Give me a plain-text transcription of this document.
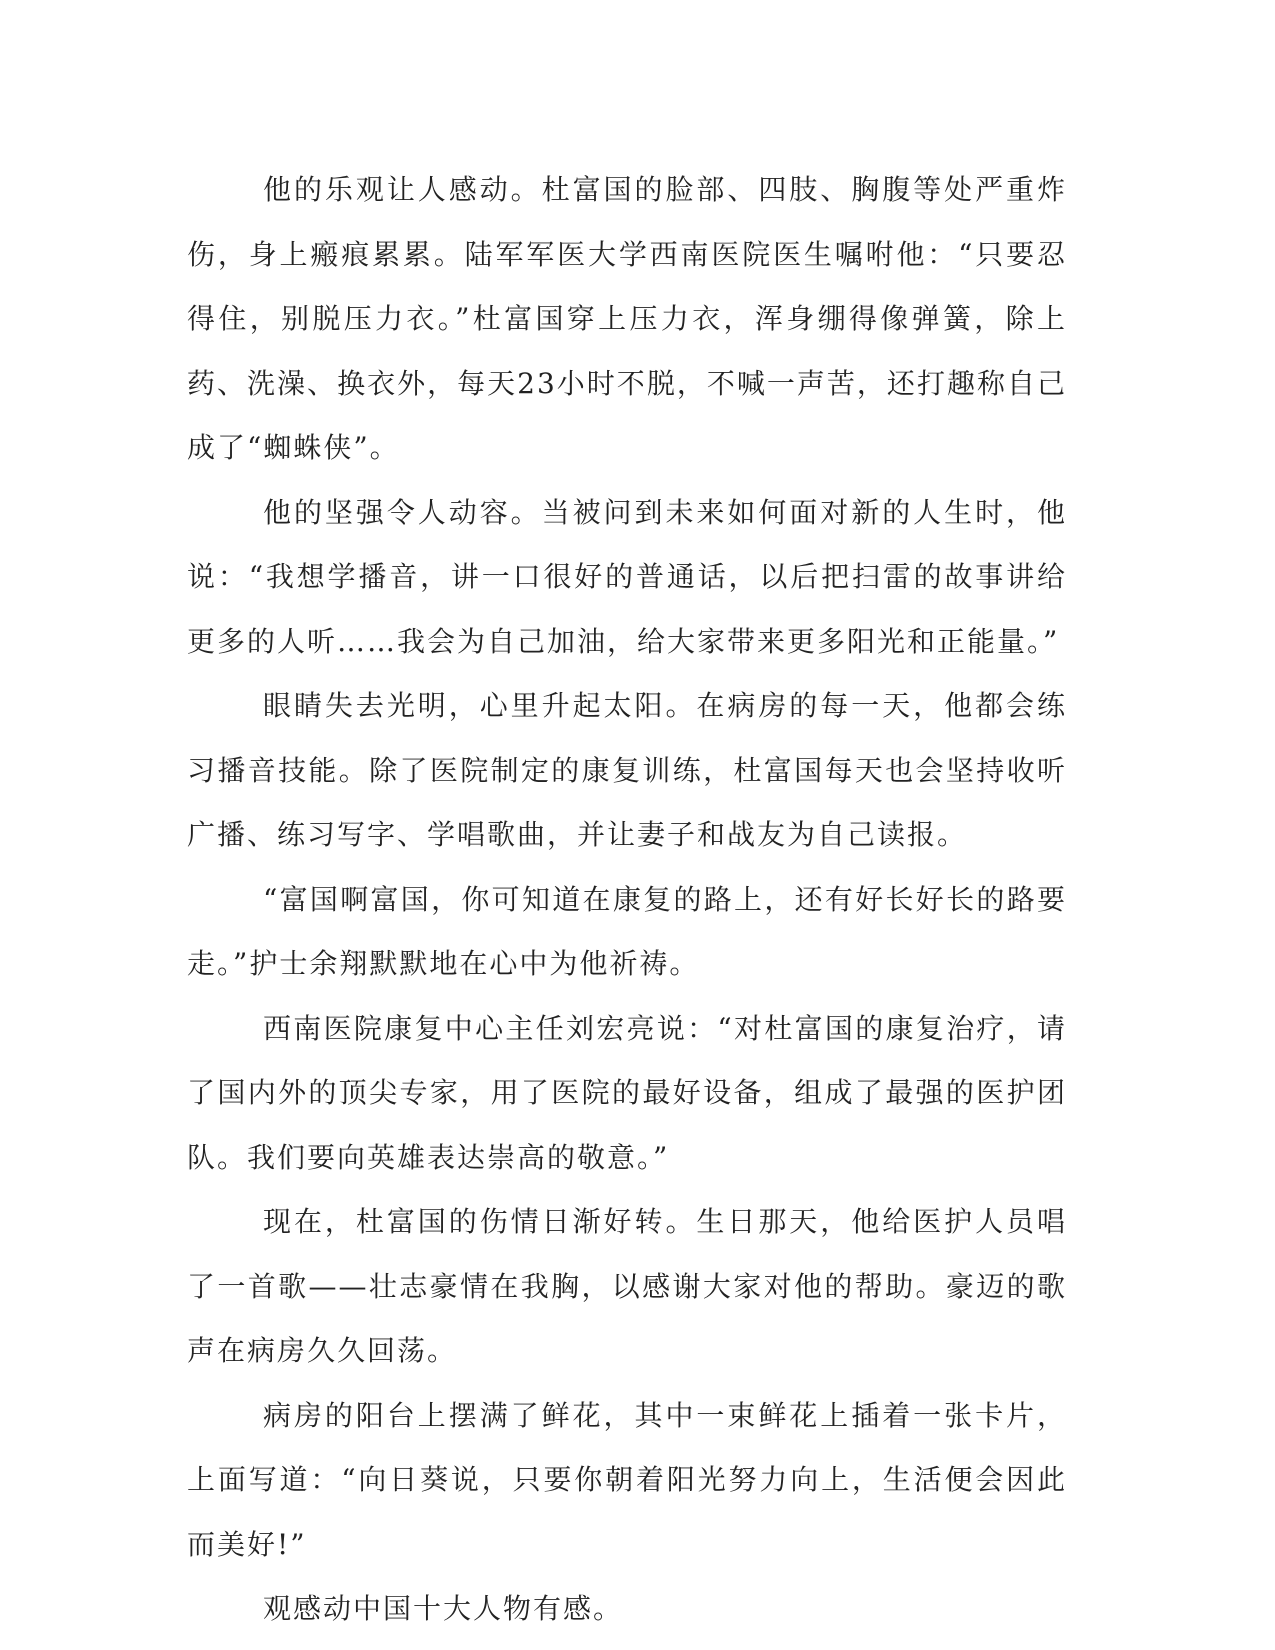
他的乐观让人感动。杜富国的脸部、四肢、胸腹等处严重炸伤，身上瘢痕累累。陆军军医大学西南医院医生嘱咐他：“只要忍得住，别脱压力衣。”杜富国穿上压力衣，浑身绷得像弹簧，除上药、洗澡、换衣外，每天23小时不脱，不喊一声苦，还打趣称自己成了“蜘蛛侠”。

他的坚强令人动容。当被问到未来如何面对新的人生时，他说：“我想学播音，讲一口很好的普通话，以后把扫雷的故事讲给更多的人听……我会为自己加油，给大家带来更多阳光和正能量。”

眼睛失去光明，心里升起太阳。在病房的每一天，他都会练习播音技能。除了医院制定的康复训练，杜富国每天也会坚持收听广播、练习写字、学唱歌曲，并让妻子和战友为自己读报。

“富国啊富国，你可知道在康复的路上，还有好长好长的路要走。”护士余翔默默地在心中为他祈祷。

西南医院康复中心主任刘宏亮说：“对杜富国的康复治疗，请了国内外的顶尖专家，用了医院的最好设备，组成了最强的医护团队。我们要向英雄表达崇高的敬意。”

现在，杜富国的伤情日渐好转。生日那天，他给医护人员唱了一首歌——壮志豪情在我胸，以感谢大家对他的帮助。豪迈的歌声在病房久久回荡。

病房的阳台上摆满了鲜花，其中一束鲜花上插着一张卡片，上面写道：“向日葵说，只要你朝着阳光努力向上，生活便会因此而美好!”

观感动中国十大人物有感。
